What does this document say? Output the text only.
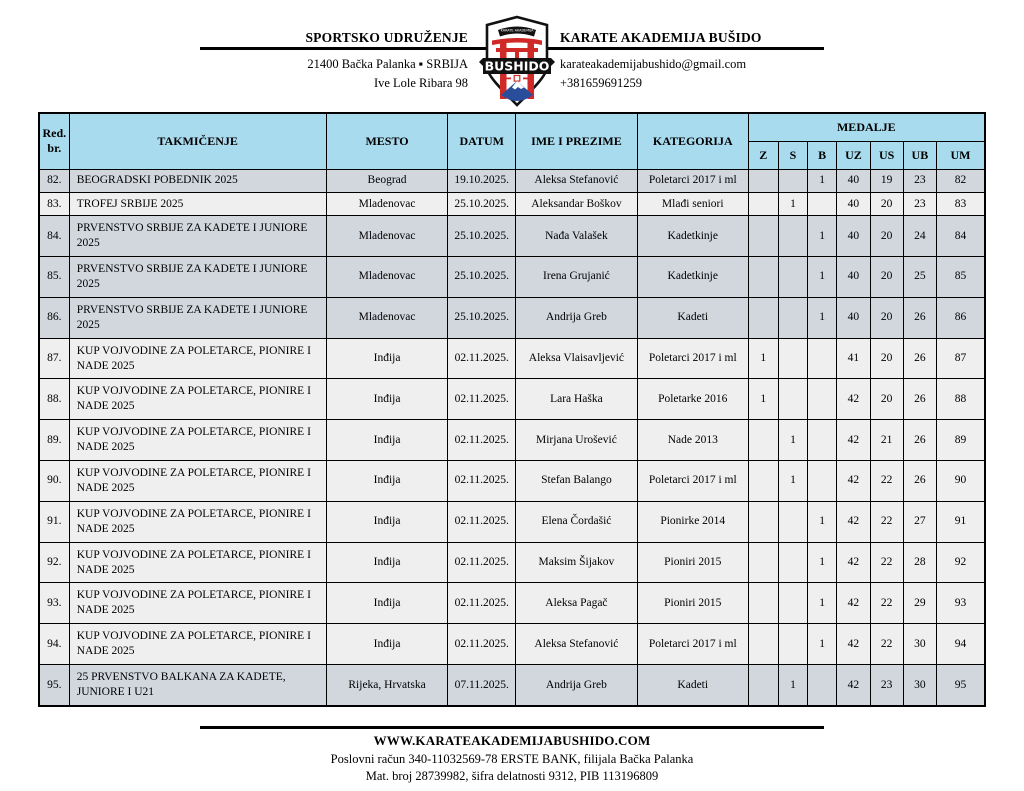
SPORTSKO UDRUŽENJE
21400 Bačka Palanka ▪ SRBIJA
Ive Lole Ribara 98
KARATE AKADEMIJA
BUSHIDO
KARATE AKADEMIJA BUŠIDO
karateakademijabushido@gmail.com
+381659691259
Red. br.	TAKMIČENJE	MESTO	DATUM	IME I PREZIME	KATEGORIJA	MEDALJE						
						Z	S	B	UZ	US	UB	UM
82.	BEOGRADSKI POBEDNIK 2025	Beograd	19.10.2025.	Aleksa Stefanović	Poletarci 2017 i ml			1	40	19	23	82
83.	TROFEJ SRBIJE 2025	Mladenovac	25.10.2025.	Aleksandar Boškov	Mlađi seniori		1		40	20	23	83
84.	PRVENSTVO SRBIJE ZA KADETE I JUNIORE 2025	Mladenovac	25.10.2025.	Nađa Valašek	Kadetkinje			1	40	20	24	84
85.	PRVENSTVO SRBIJE ZA KADETE I JUNIORE 2025	Mladenovac	25.10.2025.	Irena Grujanić	Kadetkinje			1	40	20	25	85
86.	PRVENSTVO SRBIJE ZA KADETE I JUNIORE 2025	Mladenovac	25.10.2025.	Andrija Greb	Kadeti			1	40	20	26	86
87.	KUP VOJVODINE ZA POLETARCE, PIONIRE I NADE 2025	Inđija	02.11.2025.	Aleksa Vlaisavljević	Poletarci 2017 i ml	1			41	20	26	87
88.	KUP VOJVODINE ZA POLETARCE, PIONIRE I NADE 2025	Inđija	02.11.2025.	Lara Haška	Poletarke 2016	1			42	20	26	88
89.	KUP VOJVODINE ZA POLETARCE, PIONIRE I NADE 2025	Inđija	02.11.2025.	Mirjana Urošević	Nade 2013		1		42	21	26	89
90.	KUP VOJVODINE ZA POLETARCE, PIONIRE I NADE 2025	Inđija	02.11.2025.	Stefan Balango	Poletarci 2017 i ml		1		42	22	26	90
91.	KUP VOJVODINE ZA POLETARCE, PIONIRE I NADE 2025	Inđija	02.11.2025.	Elena Čordašić	Pionirke 2014			1	42	22	27	91
92.	KUP VOJVODINE ZA POLETARCE, PIONIRE I NADE 2025	Inđija	02.11.2025.	Maksim Šijakov	Pioniri 2015			1	42	22	28	92
93.	KUP VOJVODINE ZA POLETARCE, PIONIRE I NADE 2025	Inđija	02.11.2025.	Aleksa Pagač	Pioniri 2015			1	42	22	29	93
94.	KUP VOJVODINE ZA POLETARCE, PIONIRE I NADE 2025	Inđija	02.11.2025.	Aleksa Stefanović	Poletarci 2017 i ml			1	42	22	30	94
95.	25 PRVENSTVO BALKANA ZA KADETE, JUNIORE I U21	Rijeka, Hrvatska	07.11.2025.	Andrija Greb	Kadeti		1		42	23	30	95
WWW.KARATEAKADEMIJABUSHIDO.COM
Poslovni račun 340-11032569-78 ERSTE BANK, filijala Bačka Palanka
Mat. broj 28739982, šifra delatnosti 9312, PIB 113196809
